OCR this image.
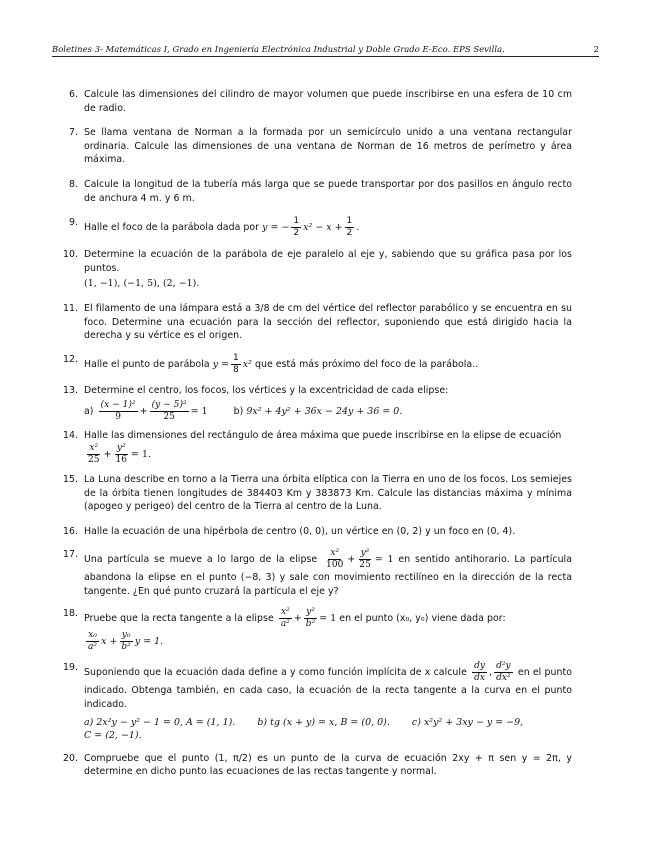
Boletines 3- Matemáticas I, Grado en Ingeniería Electrónica Industrial y Doble Grado E-Eco. EPS Sevilla.	2
6. Calcule las dimensiones del cilindro de mayor volumen que puede inscribirse en una esfera de 10 cm de radio.

7. Se llama ventana de Norman a la formada por un semicírculo unido a una ventana rectangular ordinaria. Calcule las dimensiones de una ventana de Norman de 16 metros de perímetro y área máxima.

8. Calcule la longitud de la tubería más larga que se puede transportar por dos pasillos en ángulo recto de anchura 4 m. y 6 m.

9. Halle el foco de la parábola dada por y = − $\frac{1}{2} x^2 - x + \frac{1}{2}$ .

10. Determine la ecuación de la parábola de eje paralelo al eje y, sabiendo que su gráfica pasa por los puntos.

(1, −1), (−1, 5), (2, −1).

11. El filamento de una lámpara está a 3/8 de cm del vértice del reflector parabólico y se encuentra en su foco. Determine una ecuación para la sección del reflector, suponiendo que está dirigido hacia la derecha y su vértice es el origen.

12. Halle el punto de parábola $y = \frac{1}{8} x^2$ que está más próximo del foco de la parábola..

13. Determine el centro, los focos, los vértices y la excentricidad de cada elipse:

$a) \frac{\text{(x − 1)²}}{9} + \frac{\text{(y − 5)²}}{25} = 1$	b) 9x² + 4y² + 36x − 24y + 36 = 0.
14. Halle las dimensiones del rectángulo de área máxima que puede inscribirse en la elipse de ecuación

$\frac{\text{x²}}{25} + \frac{\text{y²}}{16} = 1$.

15. La Luna describe en torno a la Tierra una órbita elíptica con la Tierra en uno de los focos. Los semiejes de la órbita tienen longitudes de 384403 Km y 383873 Km. Calcule las distancias máxima y mínima (apogeo y perigeo) del centro de la Tierra al centro de la Luna.

16. Halle la ecuación de una hipérbola de centro (0, 0), un vértice en (0, 2) y un foco en (0, 4).

17. Una partícula se mueve a lo largo de la elipse $\frac{\text{x²}}{100} + \frac{\text{y²}}{25} = 1$ en sentido antihorario. La partícula abandona la elipse en el punto (−8, 3) y sale con movimiento rectilíneo en la dirección de la recta tangente. ¿En qué punto cruzará la partícula el eje y?

18. Pruebe que la recta tangente a la elipse $\frac{\text{x²}}{\text{a²}} + \frac{\text{y²}}{\text{b²}} = 1$ en el punto (x₀, y₀) viene dada por:

$\frac{\text{x₀}}{\text{a²}}$ $x + \frac{\text{y₀}}{\text{b²}}$ y = 1.

19. Suponiendo que la ecuación dada define a y como función implícita de x calcule $\frac{dy}{dx}$ , $\frac{\text{d²y}}{\text{dx²}}$ en el punto indicado. Obtenga también, en cada caso, la ecuación de la recta tangente a la curva en el punto indicado.

a) 2x²y − y² − 1 = 0, A = (1, 1). b) tg (x + y) = x, B = (0, 0). c) x²y² + 3xy − y = −9,

C = (2, −1).

20. Compruebe que el punto (1, π/2) es un punto de la curva de ecuación 2xy + π sen y = 2π, y determine en dicho punto las ecuaciones de las rectas tangente y normal.
